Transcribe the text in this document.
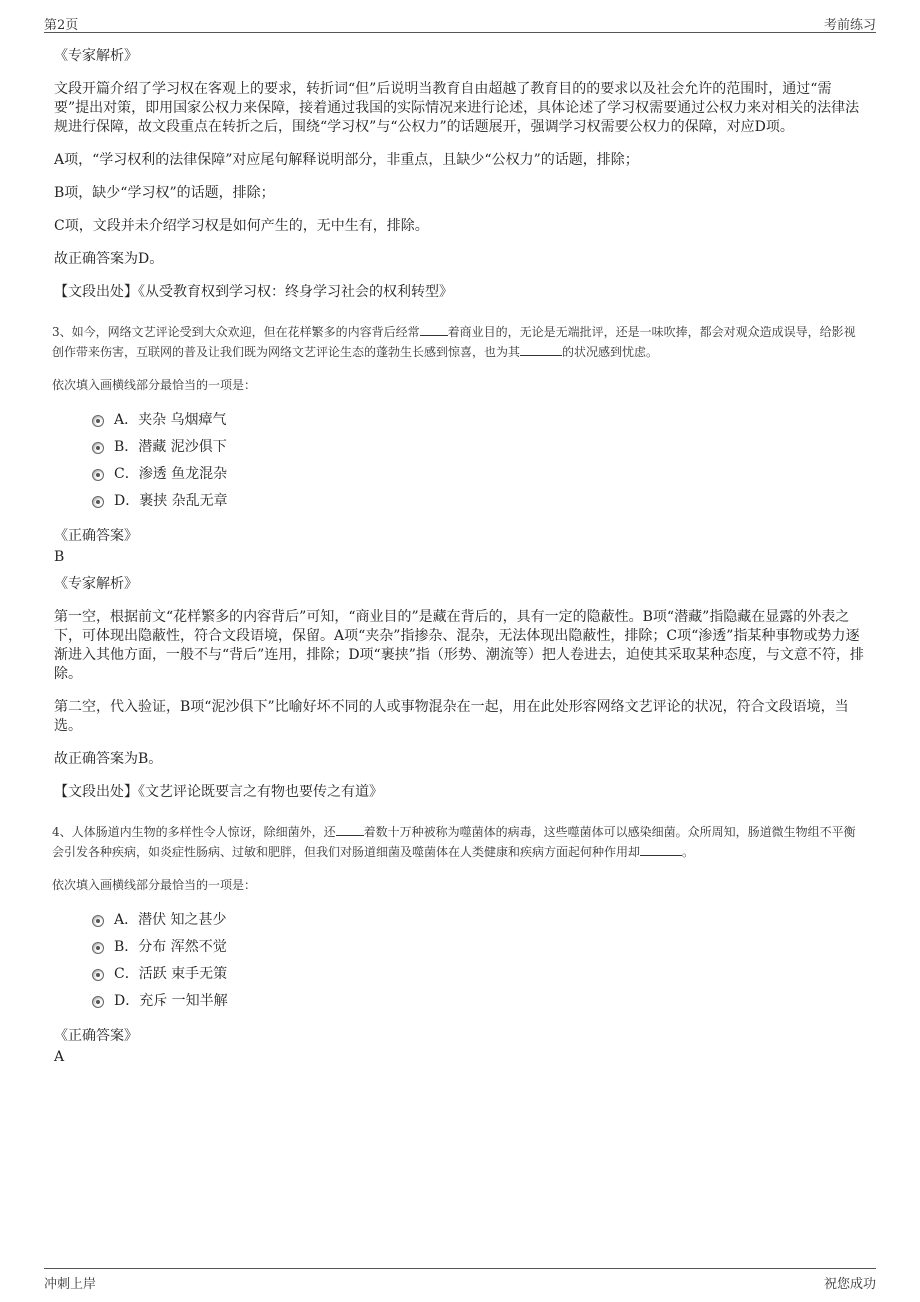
第2页	考前练习
《专家解析》

文段开篇介绍了学习权在客观上的要求，转折词“但”后说明当教育自由超越了教育目的的要求以及社会允许的范围时，通过“需要”提出对策，即用国家公权力来保障，接着通过我国的实际情况来进行论述，具体论述了学习权需要通过公权力来对相关的法律法规进行保障，故文段重点在转折之后，围绕“学习权”与“公权力”的话题展开，强调学习权需要公权力的保障，对应D项。

A项，“学习权利的法律保障”对应尾句解释说明部分，非重点，且缺少“公权力”的话题，排除；

B项，缺少“学习权”的话题，排除；

C项，文段并未介绍学习权是如何产生的，无中生有，排除。

故正确答案为D。

【文段出处】《从受教育权到学习权：终身学习社会的权利转型》

3、如今，网络文艺评论受到大众欢迎，但在花样繁多的内容背后经常 着商业目的，无论是无端批评，还是一味吹捧，都会对观众造成误导，给影视创作带来伤害，互联网的普及让我们既为网络文艺评论生态的蓬勃生长感到惊喜，也为其	的状况感到忧虑。

依次填入画横线部分最恰当的一项是：

A．夹杂 乌烟瘴气
B．潜藏 泥沙俱下
C．渗透 鱼龙混杂
D．裹挟 杂乱无章
《正确答案》
B
《专家解析》

第一空，根据前文“花样繁多的内容背后”可知，“商业目的”是藏在背后的，具有一定的隐蔽性。B项“潜藏”指隐藏在显露的外表之下，可体现出隐蔽性，符合文段语境，保留。A项“夹杂”指掺杂、混杂，无法体现出隐蔽性，排除；C项“渗透”指某种事物或势力逐渐进入其他方面，一般不与“背后”连用，排除；D项“裹挟”指（形势、潮流等）把人卷进去，迫使其采取某种态度，与文意不符，排除。

第二空，代入验证，B项“泥沙俱下”比喻好坏不同的人或事物混杂在一起，用在此处形容网络文艺评论的状况，符合文段语境，当选。

故正确答案为B。

【文段出处】《文艺评论既要言之有物也要传之有道》

4、人体肠道内生物的多样性令人惊讶，除细菌外，还 着数十万种被称为噬菌体的病毒，这些噬菌体可以感染细菌。众所周知，肠道微生物组不平衡会引发各种疾病，如炎症性肠病、过敏和肥胖，但我们对肠道细菌及噬菌体在人类健康和疾病方面起何种作用却	。

依次填入画横线部分最恰当的一项是：

A．潜伏 知之甚少
B．分布 浑然不觉
C．活跃 束手无策
D．充斥 一知半解
《正确答案》
A
冲刺上岸	祝您成功
